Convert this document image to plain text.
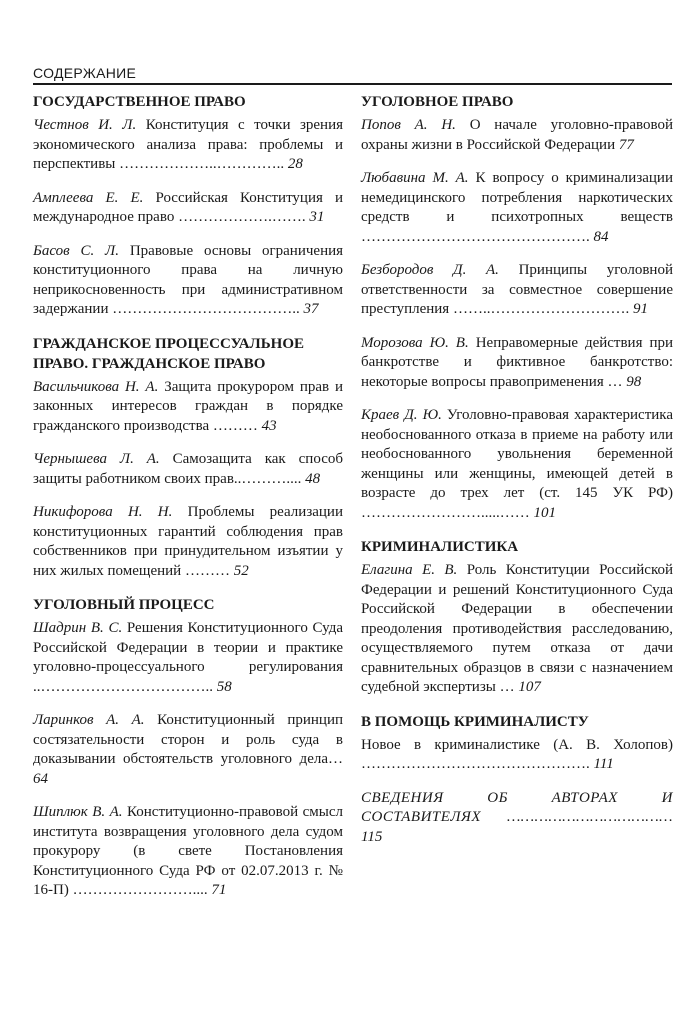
СОДЕРЖАНИЕ
ГОСУДАРСТВЕННОЕ ПРАВО
Честнов И. Л. Конституция с точки зрения экономического анализа права: проблемы и перспективы ………………..………….. 28
Амплеева Е. Е. Российская Конституция и международное право ……………….……. 31
Басов С. Л. Правовые основы ограничения конституционного права на личную неприкосновенность при административном задержании ……………………………….. 37
ГРАЖДАНСКОЕ ПРОЦЕССУАЛЬНОЕ ПРАВО. ГРАЖДАНСКОЕ ПРАВО
Васильчикова Н. А. Защита прокурором прав и законных интересов граждан в порядке гражданского производства ……… 43
Чернышева Л. А. Самозащита как способ защиты работником своих прав..……….... 48
Никифорова Н. Н. Проблемы реализации конституционных гарантий соблюдения прав собственников при принудительном изъятии у них жилых помещений ……… 52
УГОЛОВНЫЙ ПРОЦЕСС
Шадрин В. С. Решения Конституционного Суда Российской Федерации в теории и практике уголовно-процессуального регулирования ..…………………………….. 58
Ларинков А. А. Конституционный принцип состязательности сторон и роль суда в доказывании обстоятельств уголовного дела… 64
Шиплюк В. А. Конституционно-правовой смысл института возвращения уголовного дела судом прокурору (в свете Постановления Конституционного Суда РФ от 02.07.2013 г. № 16-П) …………………….... 71
УГОЛОВНОЕ ПРАВО
Попов А. Н. О начале уголовно-правовой охраны жизни в Российской Федерации 77
Любавина М. А. К вопросу о криминализации немедицинского потребления наркотических средств и психотропных веществ ………………………………………. 84
Безбородов Д. А. Принципы уголовной ответственности за совместное совершение преступления ……..………………………. 91
Морозова Ю. В. Неправомерные действия при банкротстве и фиктивное банкротство: некоторые вопросы правоприменения … 98
Краев Д. Ю. Уголовно-правовая характеристика необоснованного отказа в приеме на работу или необоснованного увольнения беременной женщины или женщины, имеющей детей в возрасте до трех лет (ст. 145 УК РФ) …………………….....…… 101
КРИМИНАЛИСТИКА
Елагина Е. В. Роль Конституции Российской Федерации и решений Конституционного Суда Российской Федерации в обеспечении преодоления противодействия расследованию, осуществляемого путем отказа от дачи сравнительных образцов в связи с назначением судебной экспертизы … 107
В ПОМОЩЬ КРИМИНАЛИСТУ
Новое в криминалистике (А. В. Холопов) ………………………………………. 111
СВЕДЕНИЯ ОБ АВТОРАХ И СОСТАВИТЕЛЯХ ……………………………… 115
